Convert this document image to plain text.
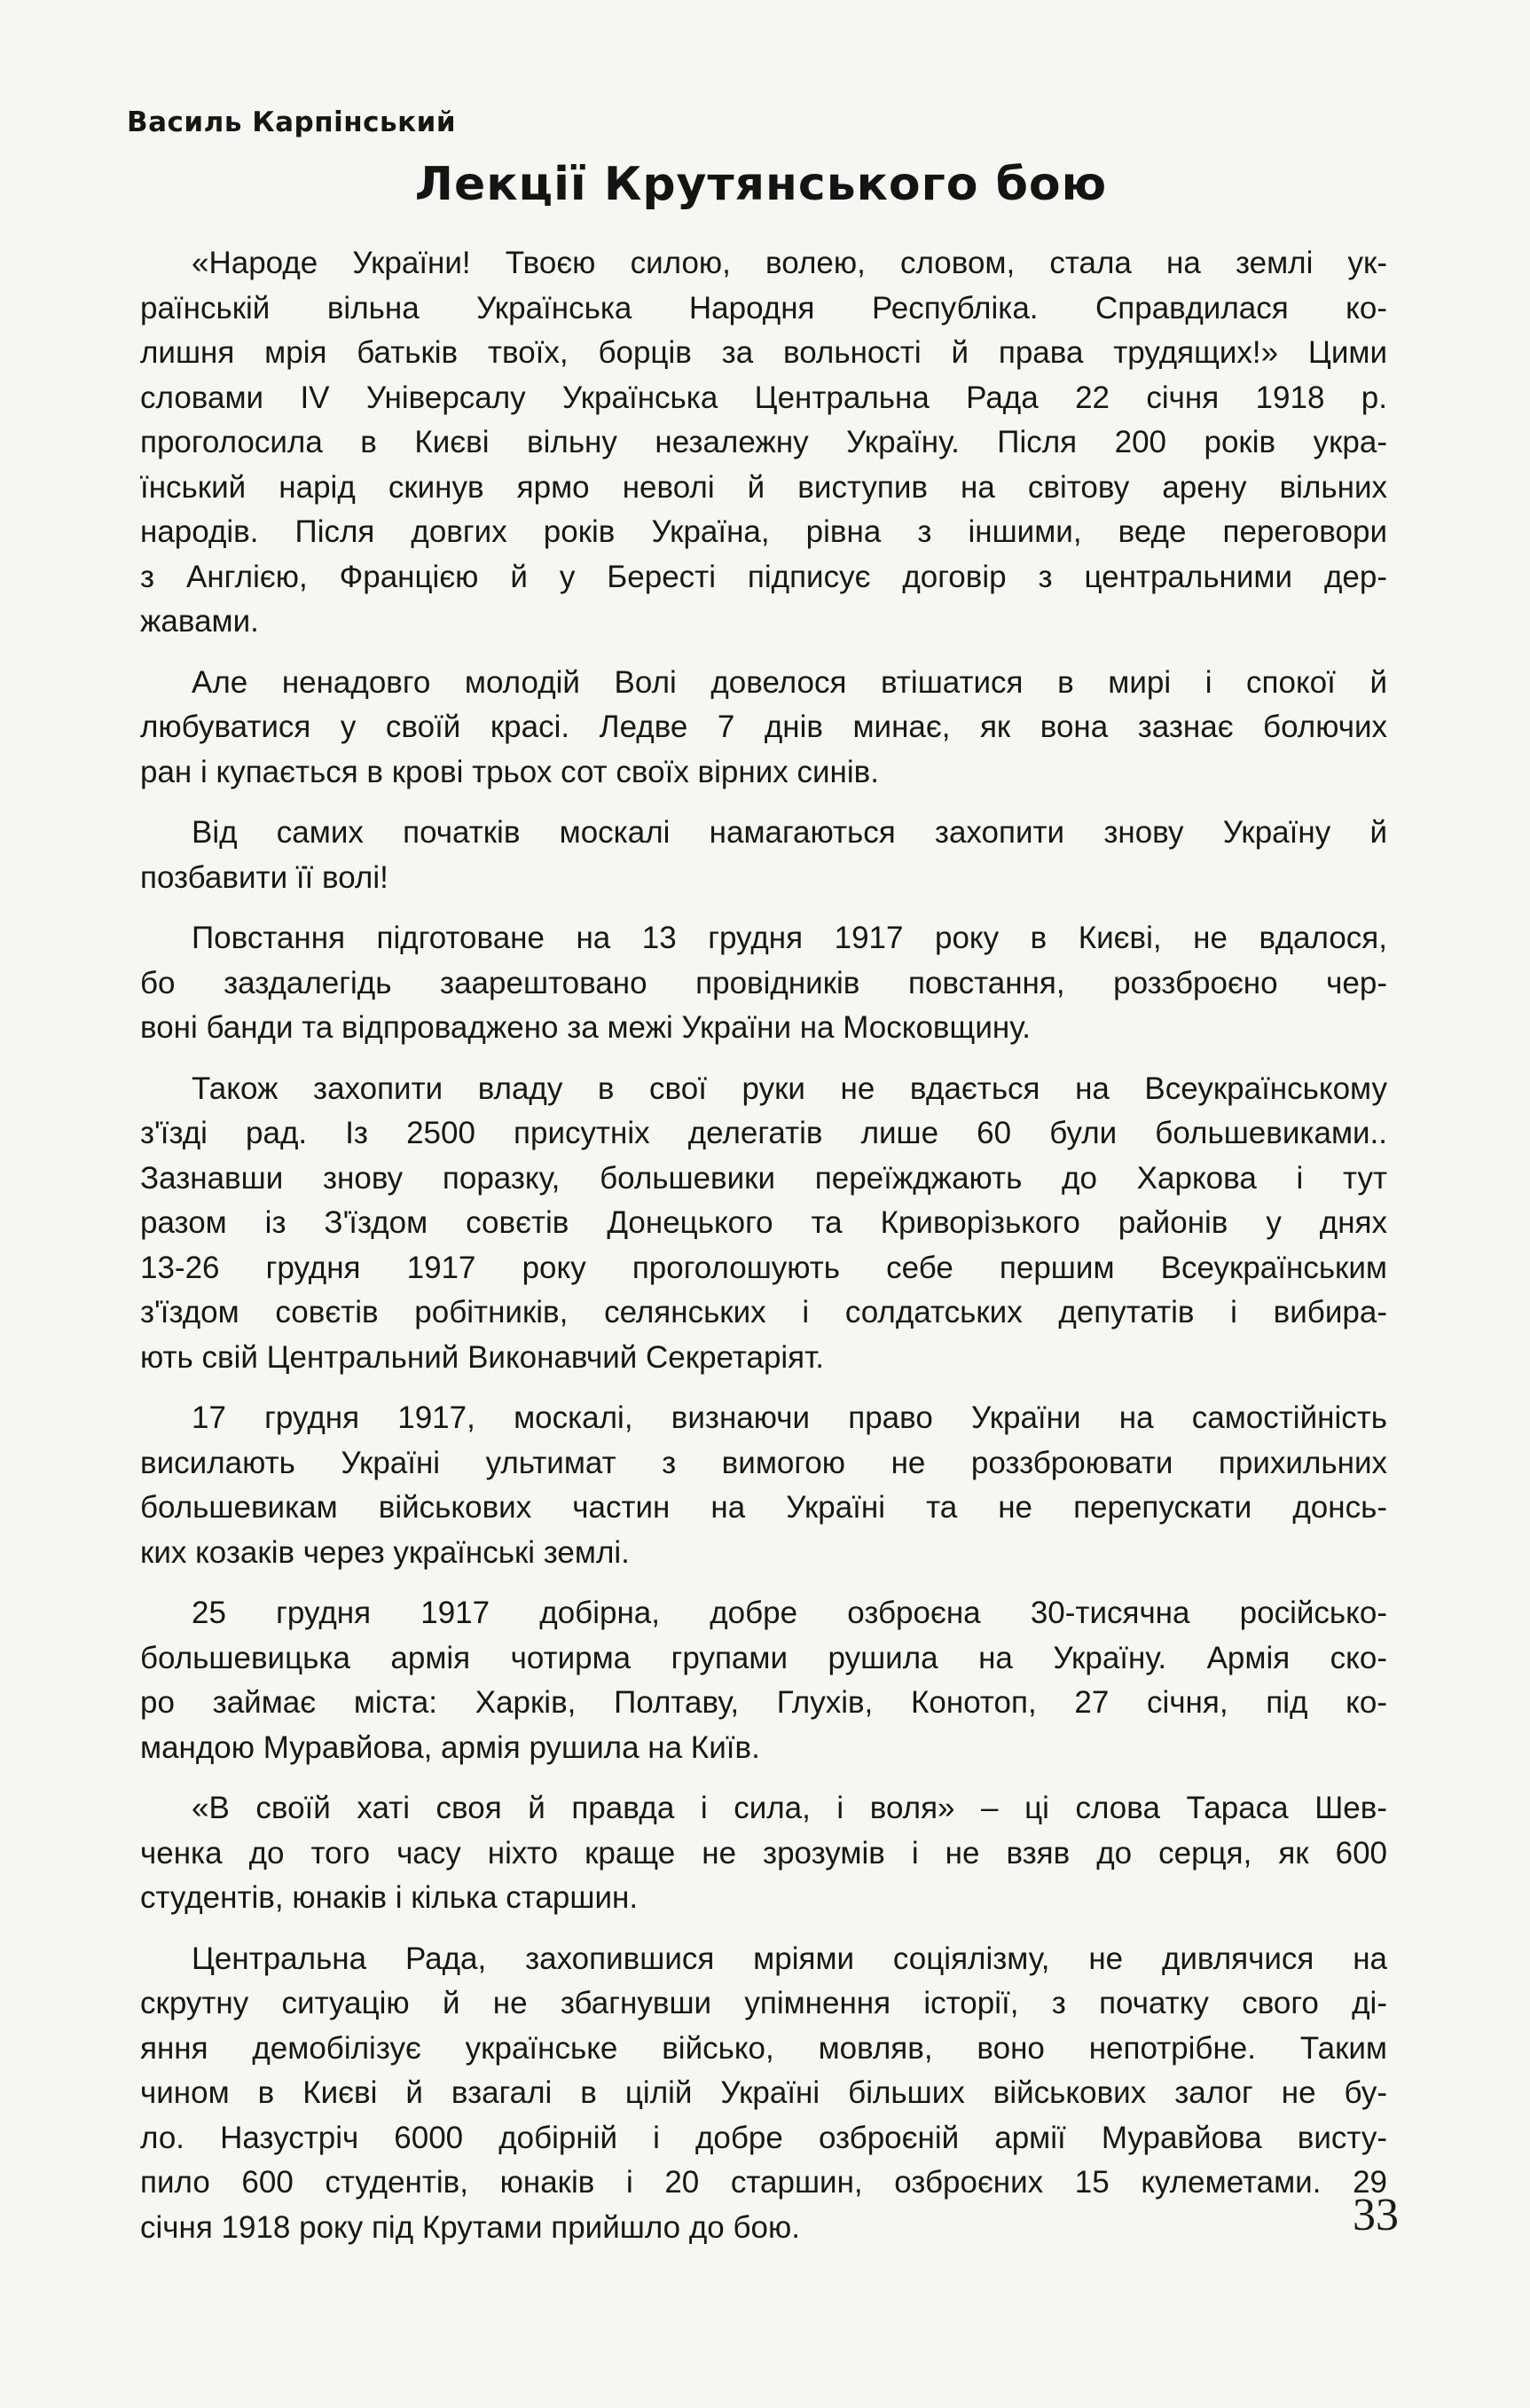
Василь Карпінський
Лекції Крутянського бою

«Народе України! Твоєю силою, волею, словом, стала на землі ук-
раїнській вільна Українська Народня Республіка. Справдилася ко-
лишня мрія батьків твоїх, борців за вольності й права трудящих!» Цими
словами IV Універсалу Українська Центральна Рада 22 січня 1918 р.
проголосила в Києві вільну незалежну Україну. Після 200 років укра-
їнський нарід скинув ярмо неволі й виступив на світову арену вільних
народів. Після довгих років Україна, рівна з іншими, веде переговори
з Англією, Францією й у Бересті підписує договір з центральними дер-
жавами.

Але ненадовго молодій Волі довелося втішатися в мирі і спокої й
любуватися у своїй красі. Ледве 7 днів минає, як вона зазнає болючих
ран і купається в крові трьох сот своїх вірних синів.

Від самих початків москалі намагаються захопити знову Україну й
позбавити її волі!

Повстання підготоване на 13 грудня 1917 року в Києві, не вдалося,
бо заздалегідь заарештовано провідників повстання, роззброєно чер-
воні банди та відпроваджено за межі України на Московщину.

Також захопити владу в свої руки не вдається на Всеукраїнському
з'їзді рад. Із 2500 присутніх делегатів лише 60 були большевиками..
Зазнавши знову поразку, большевики переїжджають до Харкова і тут
разом із З'їздом совєтів Донецького та Криворізького районів у днях
13-26 грудня 1917 року проголошують себе першим Всеукраїнським
з'їздом совєтів робітників, селянських і солдатських депутатів і вибира-
ють свій Центральний Виконавчий Секретаріят.

17 грудня 1917, москалі, визнаючи право України на самостійність
висилають Україні ультимат з вимогою не роззброювати прихильних
большевикам військових частин на Україні та не перепускати донсь-
ких козаків через українські землі.

25 грудня 1917 добірна, добре озброєна 30-тисячна російсько-
большевицька армія чотирма групами рушила на Україну. Армія ско-
ро займає міста: Харків, Полтаву, Глухів, Конотоп, 27 січня, під ко-
мандою Муравйова, армія рушила на Київ.

«В своїй хаті своя й правда і сила, і воля» – ці слова Тараса Шев-
ченка до того часу ніхто краще не зрозумів і не взяв до серця, як 600
студентів, юнаків і кілька старшин.

Центральна Рада, захопившися мріями соціялізму, не дивлячися на
скрутну ситуацію й не збагнувши упімнення історії, з початку свого ді-
яння демобілізує українське військо, мовляв, воно непотрібне. Таким
чином в Києві й взагалі в цілій Україні більших військових залог не бу-
ло. Назустріч 6000 добірній і добре озброєній армії Муравйова висту-
пило 600 студентів, юнаків і 20 старшин, озброєних 15 кулеметами. 29
січня 1918 року під Крутами прийшло до бою.	33
